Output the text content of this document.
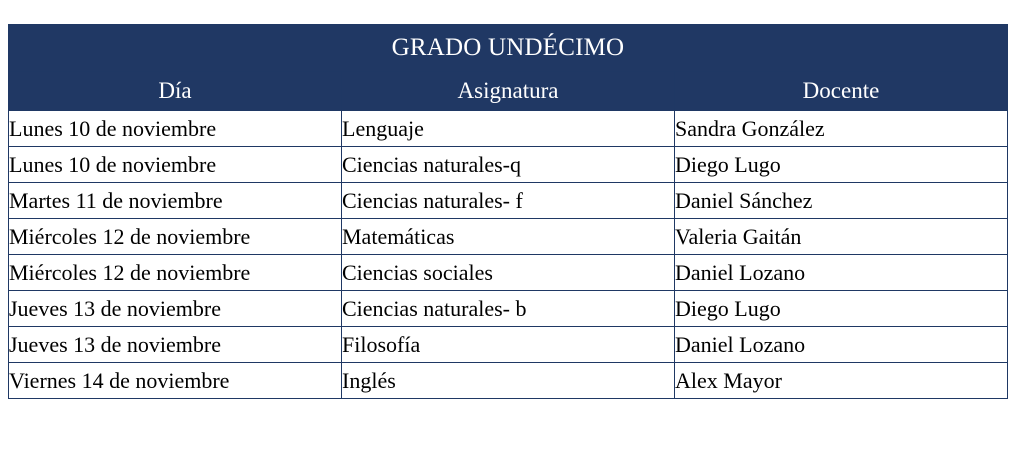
GRADO UNDÉCIMO		
Día	Asignatura	Docente
Lunes 10 de noviembre	Lenguaje	Sandra González
Lunes 10 de noviembre	Ciencias naturales-q	Diego Lugo
Martes 11 de noviembre	Ciencias naturales- f	Daniel Sánchez
Miércoles 12 de noviembre	Matemáticas	Valeria Gaitán
Miércoles 12 de noviembre	Ciencias sociales	Daniel Lozano
Jueves 13 de noviembre	Ciencias naturales- b	Diego Lugo
Jueves 13 de noviembre	Filosofía	Daniel Lozano
Viernes 14 de noviembre	Inglés	Alex Mayor
